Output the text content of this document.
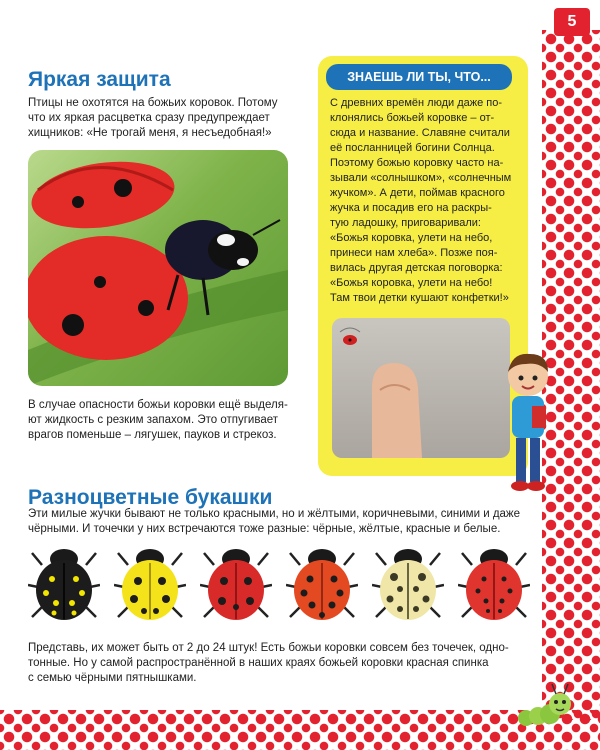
5
Яркая защита
Птицы не охотятся на божьих коровок. Потому
что их яркая расцветка сразу предупреждает
хищников: «Не трогай меня, я несъедобная!»
В случае опасности божьи коровки ещё выделя-
ют жидкость с резким запахом. Это отпугивает
врагов поменьше – лягушек, пауков и стрекоз.
ЗНАЕШЬ ЛИ ТЫ, ЧТО...
С древних времён люди даже по-
клонялись божьей коровке – от-
сюда и название. Славяне считали
её посланницей богини Солнца.
Поэтому божью коровку часто на-
зывали «солнышком», «солнечным
жучком». А дети, поймав красного
жучка и посадив его на раскры-
тую ладошку, приговаривали:
«Божья коровка, улети на небо,
принеси нам хлеба». Позже поя-
вилась другая детская поговорка:
«Божья коровка, улети на небо!
Там твои детки кушают конфетки!»
Разноцветные букашки
Эти милые жучки бывают не только красными, но и жёлтыми, коричневыми, синими и даже
чёрными. И точечки у них встречаются тоже разные: чёрные, жёлтые, красные и белые.
Представь, их может быть от 2 до 24 штук! Есть божьи коровки совсем без точечек, одно-
тонные. Но у самой распространённой в наших краях божьей коровки красная спинка
с семью чёрными пятнышками.
